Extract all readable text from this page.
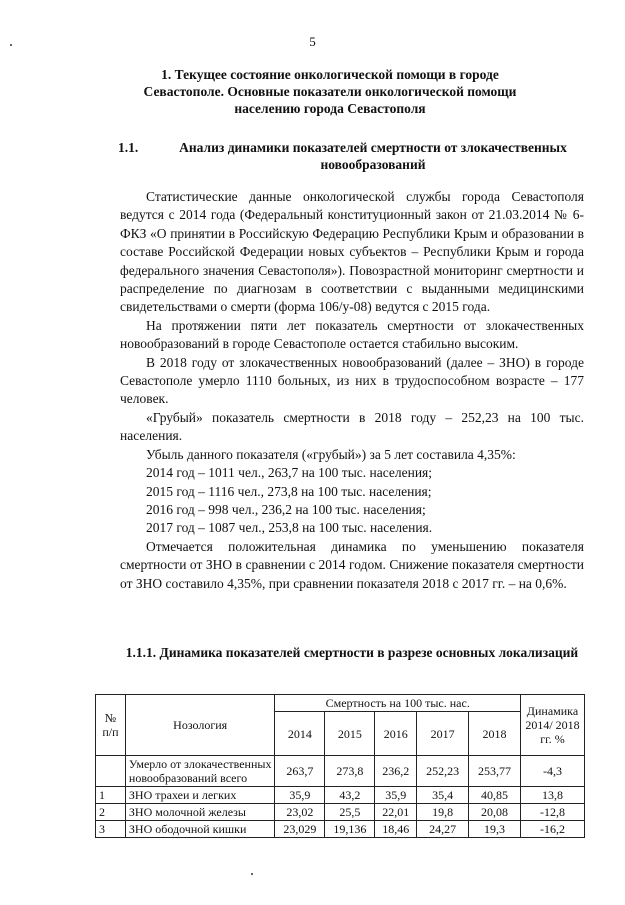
5
1. Текущее состояние онкологической помощи в городе Севастополе. Основные показатели онкологической помощи населению города Севастополя
1.1.	Анализ динамики показателей смертности от злокачественных новообразований

Статистические данные онкологической службы города Севастополя ведутся с 2014 года (Федеральный конституционный закон от 21.03.2014 № 6-ФКЗ «О принятии в Российскую Федерацию Республики Крым и образовании в составе Российской Федерации новых субъектов – Республики Крым и города федерального значения Севастополя»). Повозрастной мониторинг смертности и распределение по диагнозам в соответствии с выданными медицинскими свидетельствами о смерти (форма 106/у-08) ведутся с 2015 года.

На протяжении пяти лет показатель смертности от злокачественных новообразований в городе Севастополе остается стабильно высоким.

В 2018 году от злокачественных новообразований (далее – ЗНО) в городе Севастополе умерло 1110 больных, из них в трудоспособном возрасте – 177 человек.

«Грубый» показатель смертности в 2018 году – 252,23 на 100 тыс. населения.

Убыль данного показателя («грубый») за 5 лет составила 4,35%:

2014 год – 1011 чел., 263,7 на 100 тыс. населения;

2015 год – 1116 чел., 273,8 на 100 тыс. населения;

2016 год – 998 чел., 236,2 на 100 тыс. населения;

2017 год – 1087 чел., 253,8 на 100 тыс. населения.

Отмечается положительная динамика по уменьшению показателя смертности от ЗНО в сравнении с 2014 годом. Снижение показателя смертности от ЗНО составило 4,35%, при сравнении показателя 2018 с 2017 гг. – на 0,6%.

1.1.1. Динамика показателей смертности в разрезе основных локализаций
№ п/п	Нозология	Смертность на 100 тыс. нас.					Динамика 2014/ 2018 гг. %
		2014	2015	2016	2017	2018	
	Умерло от злокачественных новообразований всего	263,7	273,8	236,2	252,23	253,77	-4,3
1	ЗНО трахеи и легких	35,9	43,2	35,9	35,4	40,85	13,8
2	ЗНО молочной железы	23,02	25,5	22,01	19,8	20,08	-12,8
3	ЗНО ободочной кишки	23,029	19,136	18,46	24,27	19,3	-16,2
